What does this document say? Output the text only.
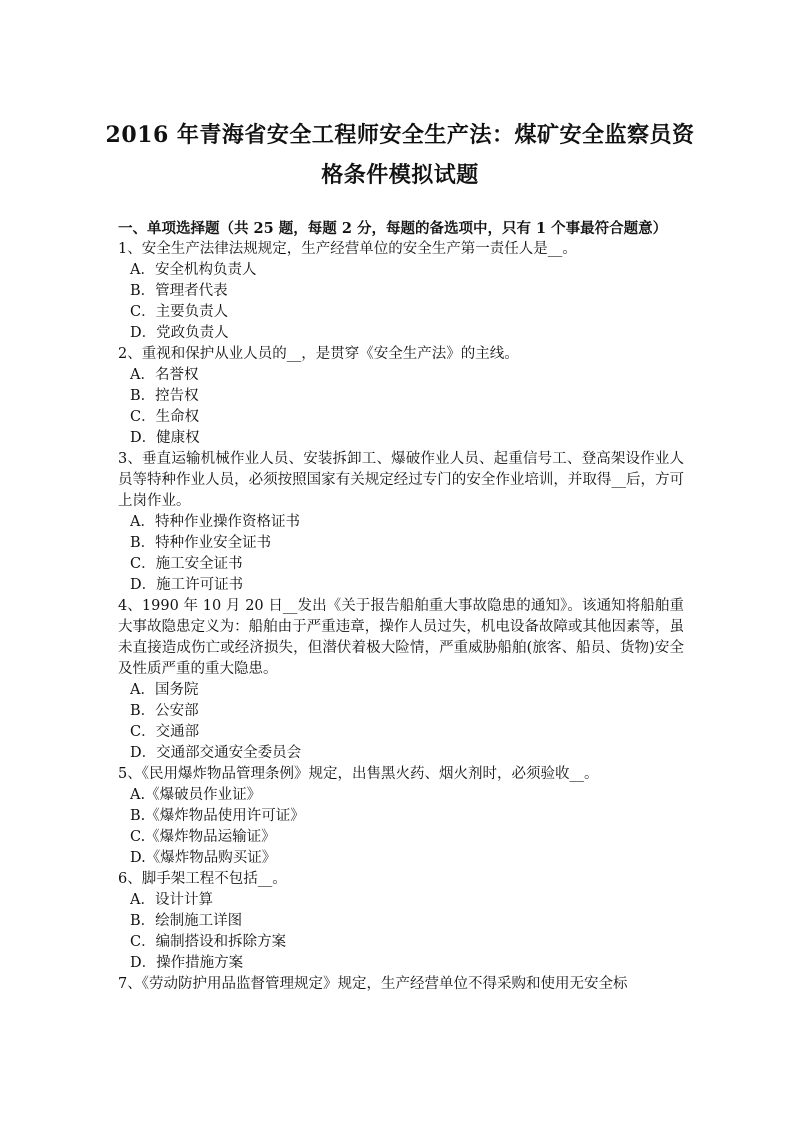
2016 年青海省安全工程师安全生产法：煤矿安全监察员资
格条件模拟试题

一、单项选择题（共 25 题，每题 2 分，每题的备选项中，只有 1 个事最符合题意）

1、安全生产法律法规规定，生产经营单位的安全生产第一责任人是__。

A．安全机构负责人

B．管理者代表

C．主要负责人

D．党政负责人

2、重视和保护从业人员的__，是贯穿《安全生产法》的主线。

A．名誉权

B．控告权

C．生命权

D．健康权

3、垂直运输机械作业人员、安装拆卸工、爆破作业人员、起重信号工、登高架设作业人员等特种作业人员，必须按照国家有关规定经过专门的安全作业培训，并取得__后，方可上岗作业。

A．特种作业操作资格证书

B．特种作业安全证书

C．施工安全证书

D．施工许可证书

4、1990 年 10 月 20 日__发出《关于报告船舶重大事故隐患的通知》。该通知将船舶重大事故隐患定义为：船舶由于严重违章，操作人员过失，机电设备故障或其他因素等，虽未直接造成伤亡或经济损失，但潜伏着极大险情，严重威胁船舶(旅客、船员、货物)安全及性质严重的重大隐患。

A．国务院

B．公安部

C．交通部

D．交通部交通安全委员会

5、《民用爆炸物品管理条例》规定，出售黑火药、烟火剂时，必须验收__。

A.《爆破员作业证》

B.《爆炸物品使用许可证》

C.《爆炸物品运输证》

D.《爆炸物品购买证》

6、脚手架工程不包括__。

A．设计计算

B．绘制施工详图

C．编制搭设和拆除方案

D．操作措施方案

7、《劳动防护用品监督管理规定》规定，生产经营单位不得采购和使用无安全标
